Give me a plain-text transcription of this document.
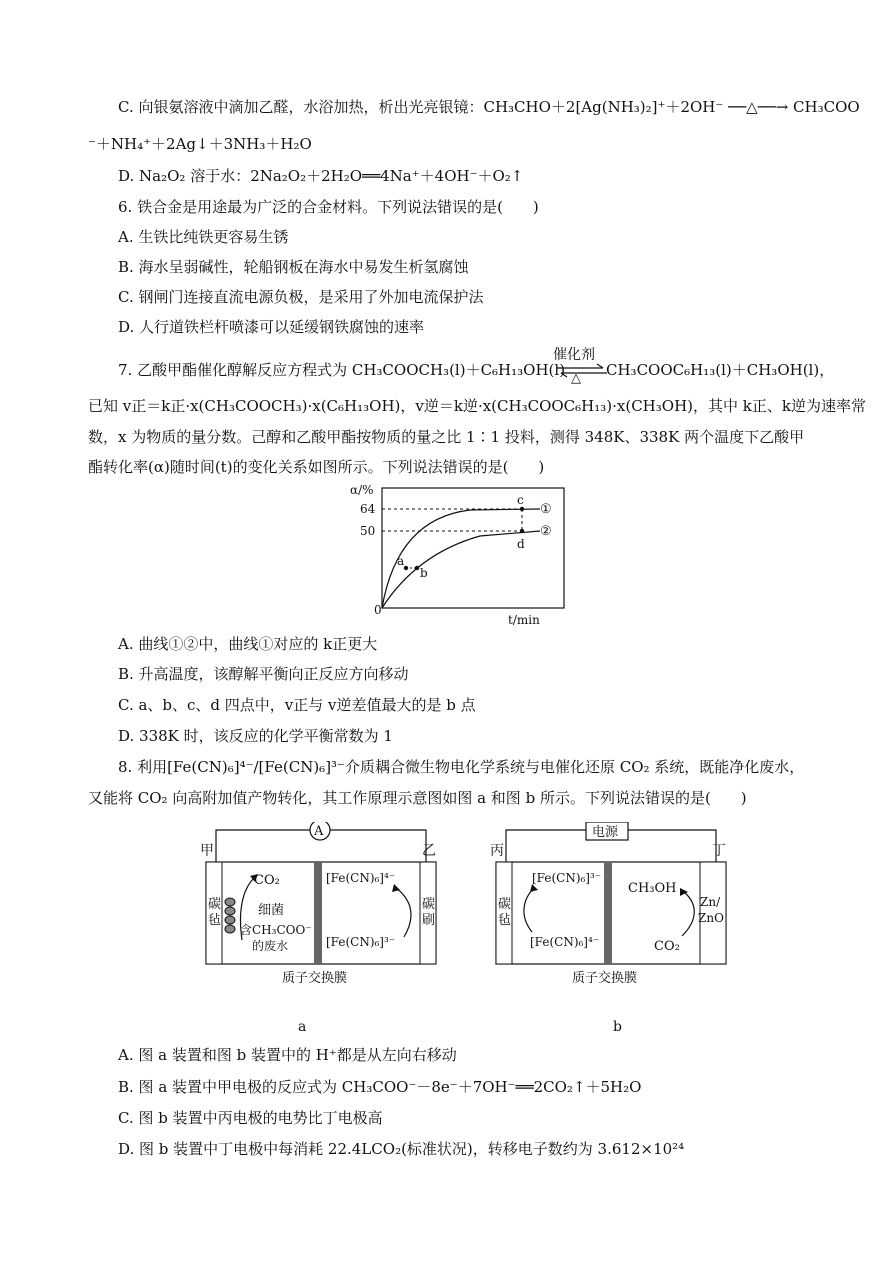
C. 向银氨溶液中滴加乙醛，水浴加热，析出光亮银镜：CH₃CHO＋2[Ag(NH₃)₂]⁺＋2OH⁻ ──△──→ CH₃COO
⁻＋NH₄⁺＋2Ag↓＋3NH₃＋H₂O
D. Na₂O₂ 溶于水：2Na₂O₂＋2H₂O══4Na⁺＋4OH⁻＋O₂↑
6. 铁合金是用途最为广泛的合金材料。下列说法错误的是(　　)
A. 生铁比纯铁更容易生锈
B. 海水呈弱碱性，轮船钢板在海水中易发生析氢腐蚀
C. 钢闸门连接直流电源负极，是采用了外加电流保护法
D. 人行道铁栏杆喷漆可以延缓钢铁腐蚀的速率
7. 乙酸甲酯催化醇解反应方程式为 CH₃COOCH₃(l)＋C₆H₁₃OH(l)
催化剂
△ CH₃COOC₆H₁₃(l)＋CH₃OH(l)，
已知 v正＝k正·x(CH₃COOCH₃)·x(C₆H₁₃OH)，v逆＝k逆·x(CH₃COOC₆H₁₃)·x(CH₃OH)，其中 k正、k逆为速率常
数，x 为物质的量分数。己醇和乙酸甲酯按物质的量之比 1∶1 投料，测得 348K、338K 两个温度下乙酸甲
酯转化率(α)随时间(t)的变化关系如图所示。下列说法错误的是(　　)
α/%
t/min
0
64
50
a
b
c
d
①
②
A. 曲线①②中，曲线①对应的 k正更大
B. 升高温度，该醇解平衡向正反应方向移动
C. a、b、c、d 四点中，v正与 v逆差值最大的是 b 点
D. 338K 时，该反应的化学平衡常数为 1
8. 利用[Fe(CN)₆]⁴⁻/[Fe(CN)₆]³⁻介质耦合微生物电化学系统与电催化还原 CO₂ 系统，既能净化废水，
又能将 CO₂ 向高附加值产物转化，其工作原理示意图如图 a 和图 b 所示。下列说法错误的是(　　)
A
甲	乙
碳
毡
碳
刷
CO₂
细菌
含CH₃COO⁻
的废水
[Fe(CN)₆]⁴⁻
[Fe(CN)₆]³⁻
质子交换膜
a
电源
丙	丁
碳
毡
Zn/
ZnO
[Fe(CN)₆]³⁻
[Fe(CN)₆]⁴⁻
CH₃OH
CO₂
质子交换膜
b
A. 图 a 装置和图 b 装置中的 H⁺都是从左向右移动
B. 图 a 装置中甲电极的反应式为 CH₃COO⁻－8e⁻＋7OH⁻══2CO₂↑＋5H₂O
C. 图 b 装置中丙电极的电势比丁电极高
D. 图 b 装置中丁电极中每消耗 22.4LCO₂(标准状况)，转移电子数约为 3.612×10²⁴
